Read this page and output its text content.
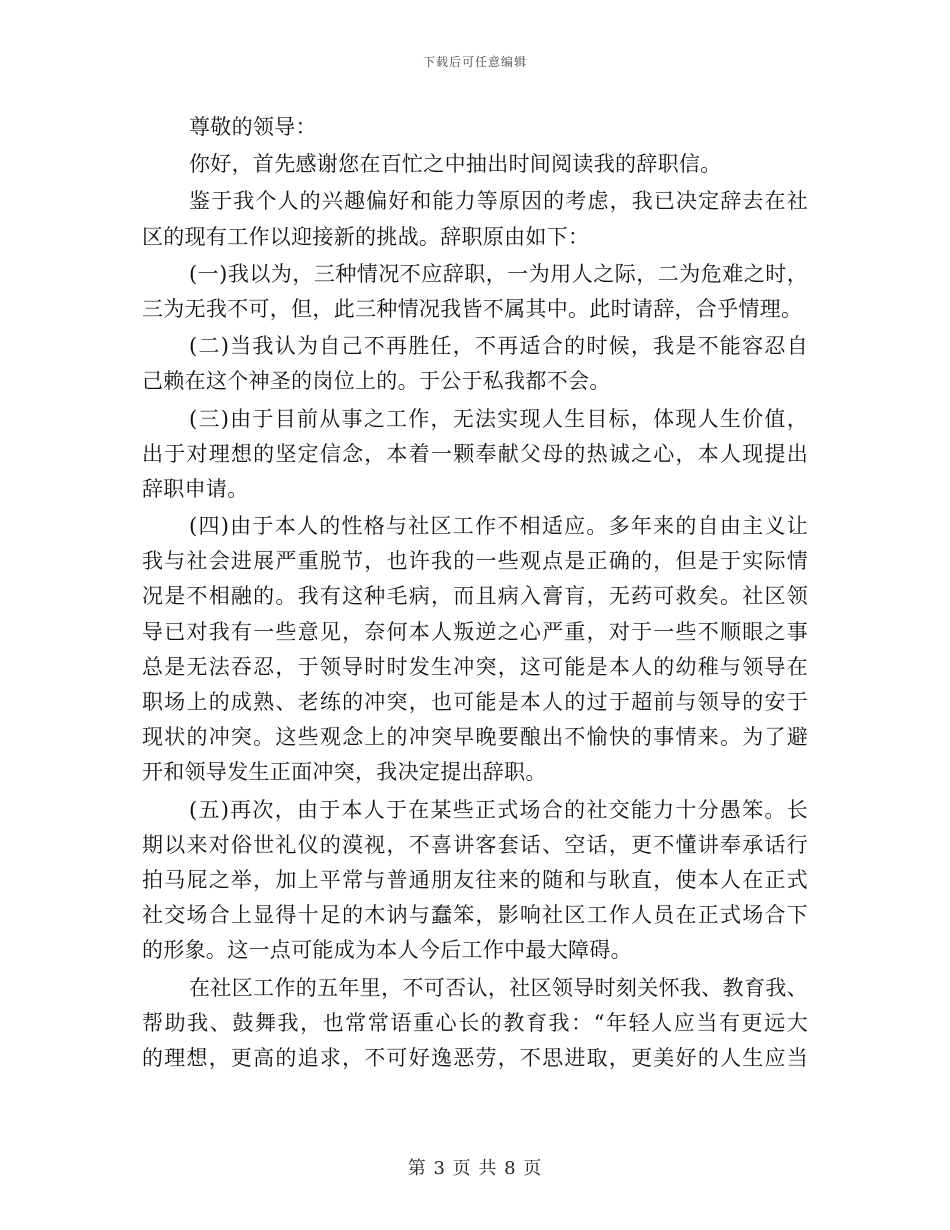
下载后可任意编辑
尊敬的领导：
你好，首先感谢您在百忙之中抽出时间阅读我的辞职信。
鉴于我个人的兴趣偏好和能力等原因的考虑，我已决定辞去在社
区的现有工作以迎接新的挑战。辞职原由如下：
(一)我以为，三种情况不应辞职，一为用人之际，二为危难之时，
三为无我不可，但，此三种情况我皆不属其中。此时请辞，合乎情理。
(二)当我认为自己不再胜任，不再适合的时候，我是不能容忍自
己赖在这个神圣的岗位上的。于公于私我都不会。
(三)由于目前从事之工作，无法实现人生目标，体现人生价值，
出于对理想的坚定信念，本着一颗奉献父母的热诚之心，本人现提出
辞职申请。
(四)由于本人的性格与社区工作不相适应。多年来的自由主义让
我与社会进展严重脱节，也许我的一些观点是正确的，但是于实际情
况是不相融的。我有这种毛病，而且病入膏肓，无药可救矣。社区领
导已对我有一些意见，奈何本人叛逆之心严重，对于一些不顺眼之事
总是无法吞忍，于领导时时发生冲突，这可能是本人的幼稚与领导在
职场上的成熟、老练的冲突，也可能是本人的过于超前与领导的安于
现状的冲突。这些观念上的冲突早晚要酿出不愉快的事情来。为了避
开和领导发生正面冲突，我决定提出辞职。
(五)再次，由于本人于在某些正式场合的社交能力十分愚笨。长
期以来对俗世礼仪的漠视，不喜讲客套话、空话，更不懂讲奉承话行
拍马屁之举，加上平常与普通朋友往来的随和与耿直，使本人在正式
社交场合上显得十足的木讷与蠢笨，影响社区工作人员在正式场合下
的形象。这一点可能成为本人今后工作中最大障碍。
在社区工作的五年里，不可否认，社区领导时刻关怀我、教育我、
帮助我、鼓舞我，也常常语重心长的教育我：“年轻人应当有更远大
的理想，更高的追求，不可好逸恶劳，不思进取，更美好的人生应当
第 3 页 共 8 页
